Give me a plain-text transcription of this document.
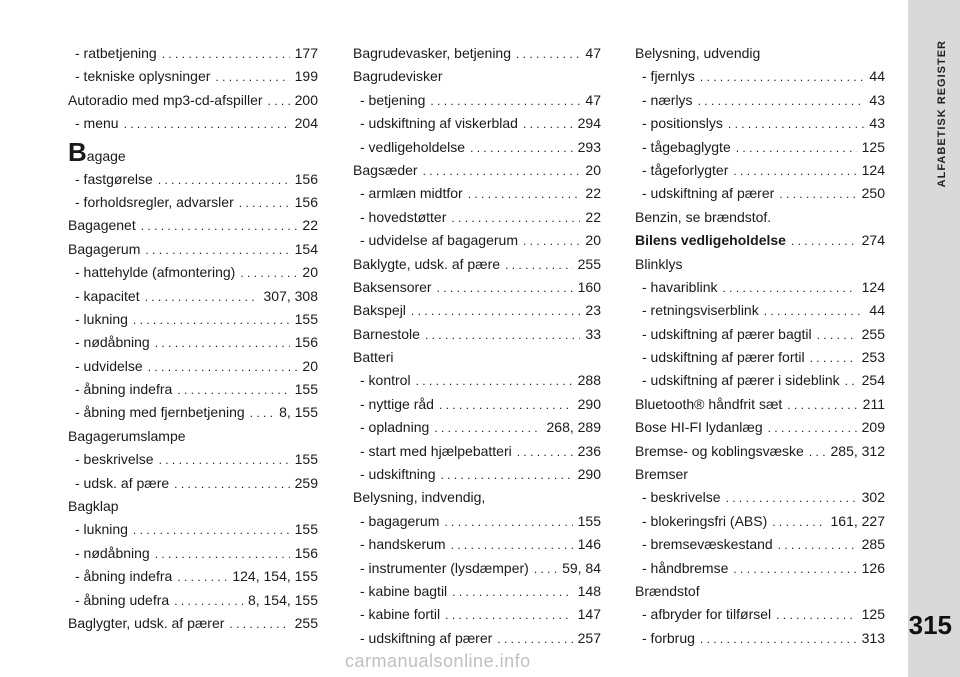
- ratbetjening . . .	177
- tekniske oplysninger . . .	199
Autoradio med mp3-cd-afspiller . . . 200
- menu . . .	204
B agage
- fastgørelse . . .	156
- forholdsregler, advarsler . . .	156
Bagagenet . . .	22
Bagagerum . . .	154
- hattehylde (afmontering) . . .	20
- kapacitet . . .	307, 308
- lukning . . .	155
- nødåbning . . .	156
- udvidelse . . .	20
- åbning indefra . . .	155
- åbning med fjernbetjening . . . 8, 155
Bagagerumslampe
- beskrivelse . . .	155
- udsk. af pære . . .	259
Bagklap
- lukning . . .	155
- nødåbning . . .	156
- åbning indefra . . .	124, 154, 155
- åbning udefra . . .	8, 154, 155
Baglygter, udsk. af pærer . . .	255
Bagrudevasker, betjening . . .	47
Bagrudevisker
- betjening . . .	47
- udskiftning af viskerblad . . .	294
- vedligeholdelse . . .	293
Bagsæder . . .	20
- armlæn midtfor . . .	22
- hovedstøtter . . .	22
- udvidelse af bagagerum . . .	20
Baklygte, udsk. af pære . . .	255
Baksensorer . . .	160
Bakspejl . . .	23
Barnestole . . .	33
Batteri
- kontrol . . .	288
- nyttige råd . . .	290
- opladning . . .	268, 289
- start med hjælpebatteri . . .	236
- udskiftning . . .	290
Belysning, indvendig,
- bagagerum . . .	155
- handskerum . . .	146
- instrumenter (lysdæmper) . . . 59, 84
- kabine bagtil . . .	148
- kabine fortil . . .	147
- udskiftning af pærer . . .	257
Belysning, udvendig
- fjernlys . . .	44
- nærlys . . .	43
- positionslys . . .	43
- tågebaglygte . . .	125
- tågeforlygter . . .	124
- udskiftning af pærer . . .	250
Benzin, se brændstof.
Bilens vedligeholdelse . . .	274
Blinklys
- havariblink . . .	124
- retningsviserblink . . .	44
- udskiftning af pærer bagtil . . .	255
- udskiftning af pærer fortil . . .	253
- udskiftning af pærer i sideblink . . . 254
Bluetooth® håndfrit sæt . . .	211
Bose HI-FI lydanlæg . . .	209
Bremse- og koblingsvæske . . . 285, 312
Bremser
- beskrivelse . . .	302
- blokeringsfri (ABS) . . .	161, 227
- bremsevæskestand . . .	285
- håndbremse . . .	126
Brændstof
- afbryder for tilførsel . . .	125
- forbrug . . .	313
ALFABETISK REGISTER
315
carmanualsonline.info
